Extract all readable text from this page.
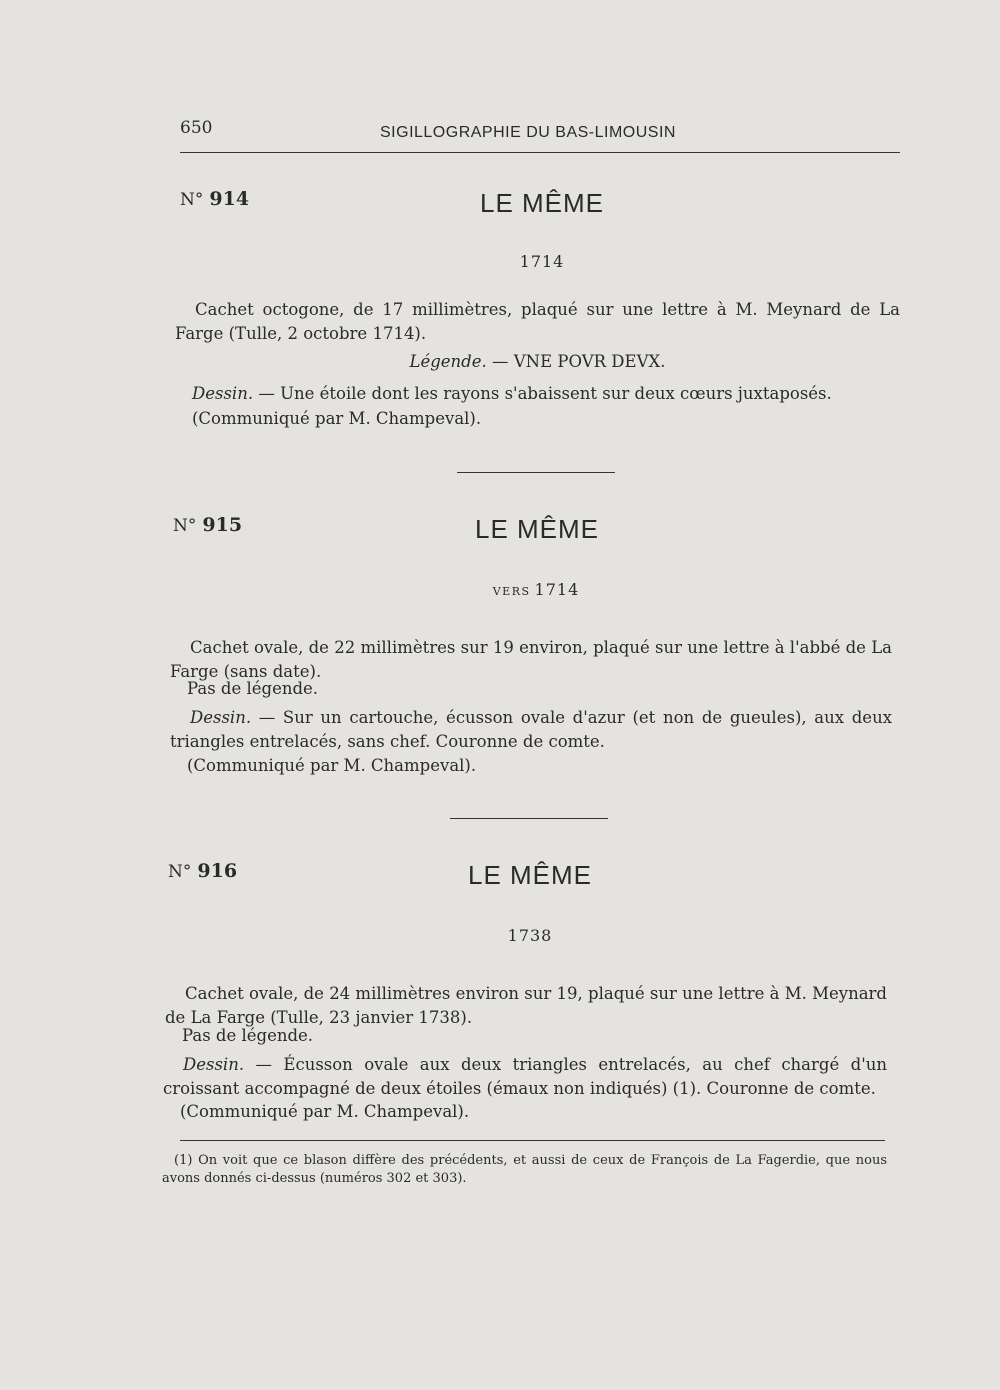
650	SIGILLOGRAPHIE DU BAS-LIMOUSIN
N° 914	LE MÊME
1714
Cachet octogone, de 17 millimètres, plaqué sur une lettre à M. Meynard de La Farge (Tulle, 2 octobre 1714).
Légende. — VNE POVR DEVX.
Dessin. — Une étoile dont les rayons s'abaissent sur deux cœurs juxtaposés.
(Communiqué par M. Champeval).
N° 915	LE MÊME
VERS 1714
Cachet ovale, de 22 millimètres sur 19 environ, plaqué sur une lettre à l'abbé de La Farge (sans date).
Pas de légende.
Dessin. — Sur un cartouche, écusson ovale d'azur (et non de gueules), aux deux triangles entrelacés, sans chef. Couronne de comte.
(Communiqué par M. Champeval).
N° 916	LE MÊME
1738
Cachet ovale, de 24 millimètres environ sur 19, plaqué sur une lettre à M. Meynard de La Farge (Tulle, 23 janvier 1738).
Pas de légende.
Dessin. — Écusson ovale aux deux triangles entrelacés, au chef chargé d'un croissant accompagné de deux étoiles (émaux non indiqués) (1). Couronne de comte.
(Communiqué par M. Champeval).
(1) On voit que ce blason diffère des précédents, et aussi de ceux de François de La Fagerdie, que nous avons donnés ci-dessus (numéros 302 et 303).
